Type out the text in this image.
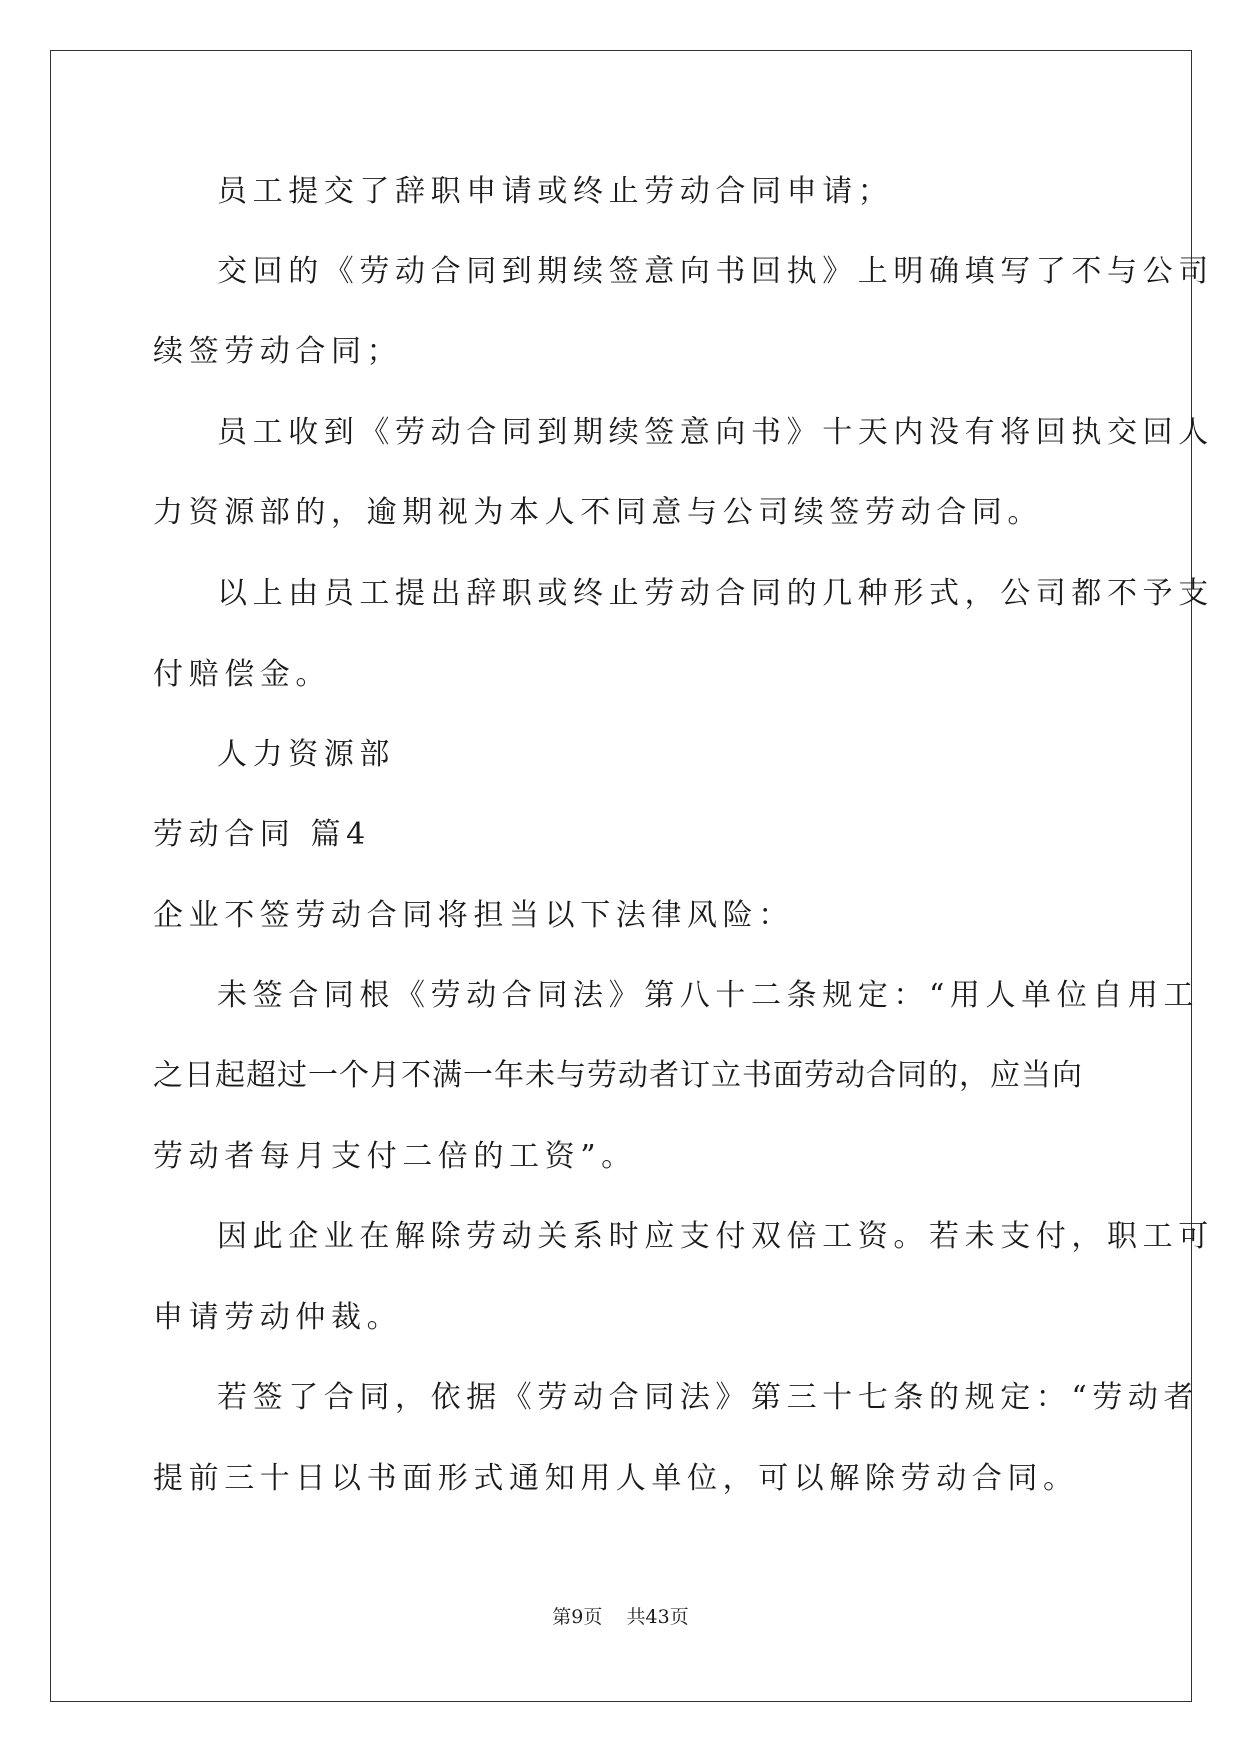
员工提交了辞职申请或终止劳动合同申请；
交回的《劳动合同到期续签意向书回执》上明确填写了不与公司
续签劳动合同；
员工收到《劳动合同到期续签意向书》十天内没有将回执交回人
力资源部的，逾期视为本人不同意与公司续签劳动合同。
以上由员工提出辞职或终止劳动合同的几种形式，公司都不予支
付赔偿金。
人力资源部
劳动合同 篇4
企业不签劳动合同将担当以下法律风险：
未签合同根《劳动合同法》第八十二条规定：“用人单位自用工
之日起超过一个月不满一年未与劳动者订立书面劳动合同的，应当向
劳动者每月支付二倍的工资”。
因此企业在解除劳动关系时应支付双倍工资。若未支付，职工可
申请劳动仲裁。
若签了合同，依据《劳动合同法》第三十七条的规定：“劳动者
提前三十日以书面形式通知用人单位，可以解除劳动合同。
第9页 共43页
